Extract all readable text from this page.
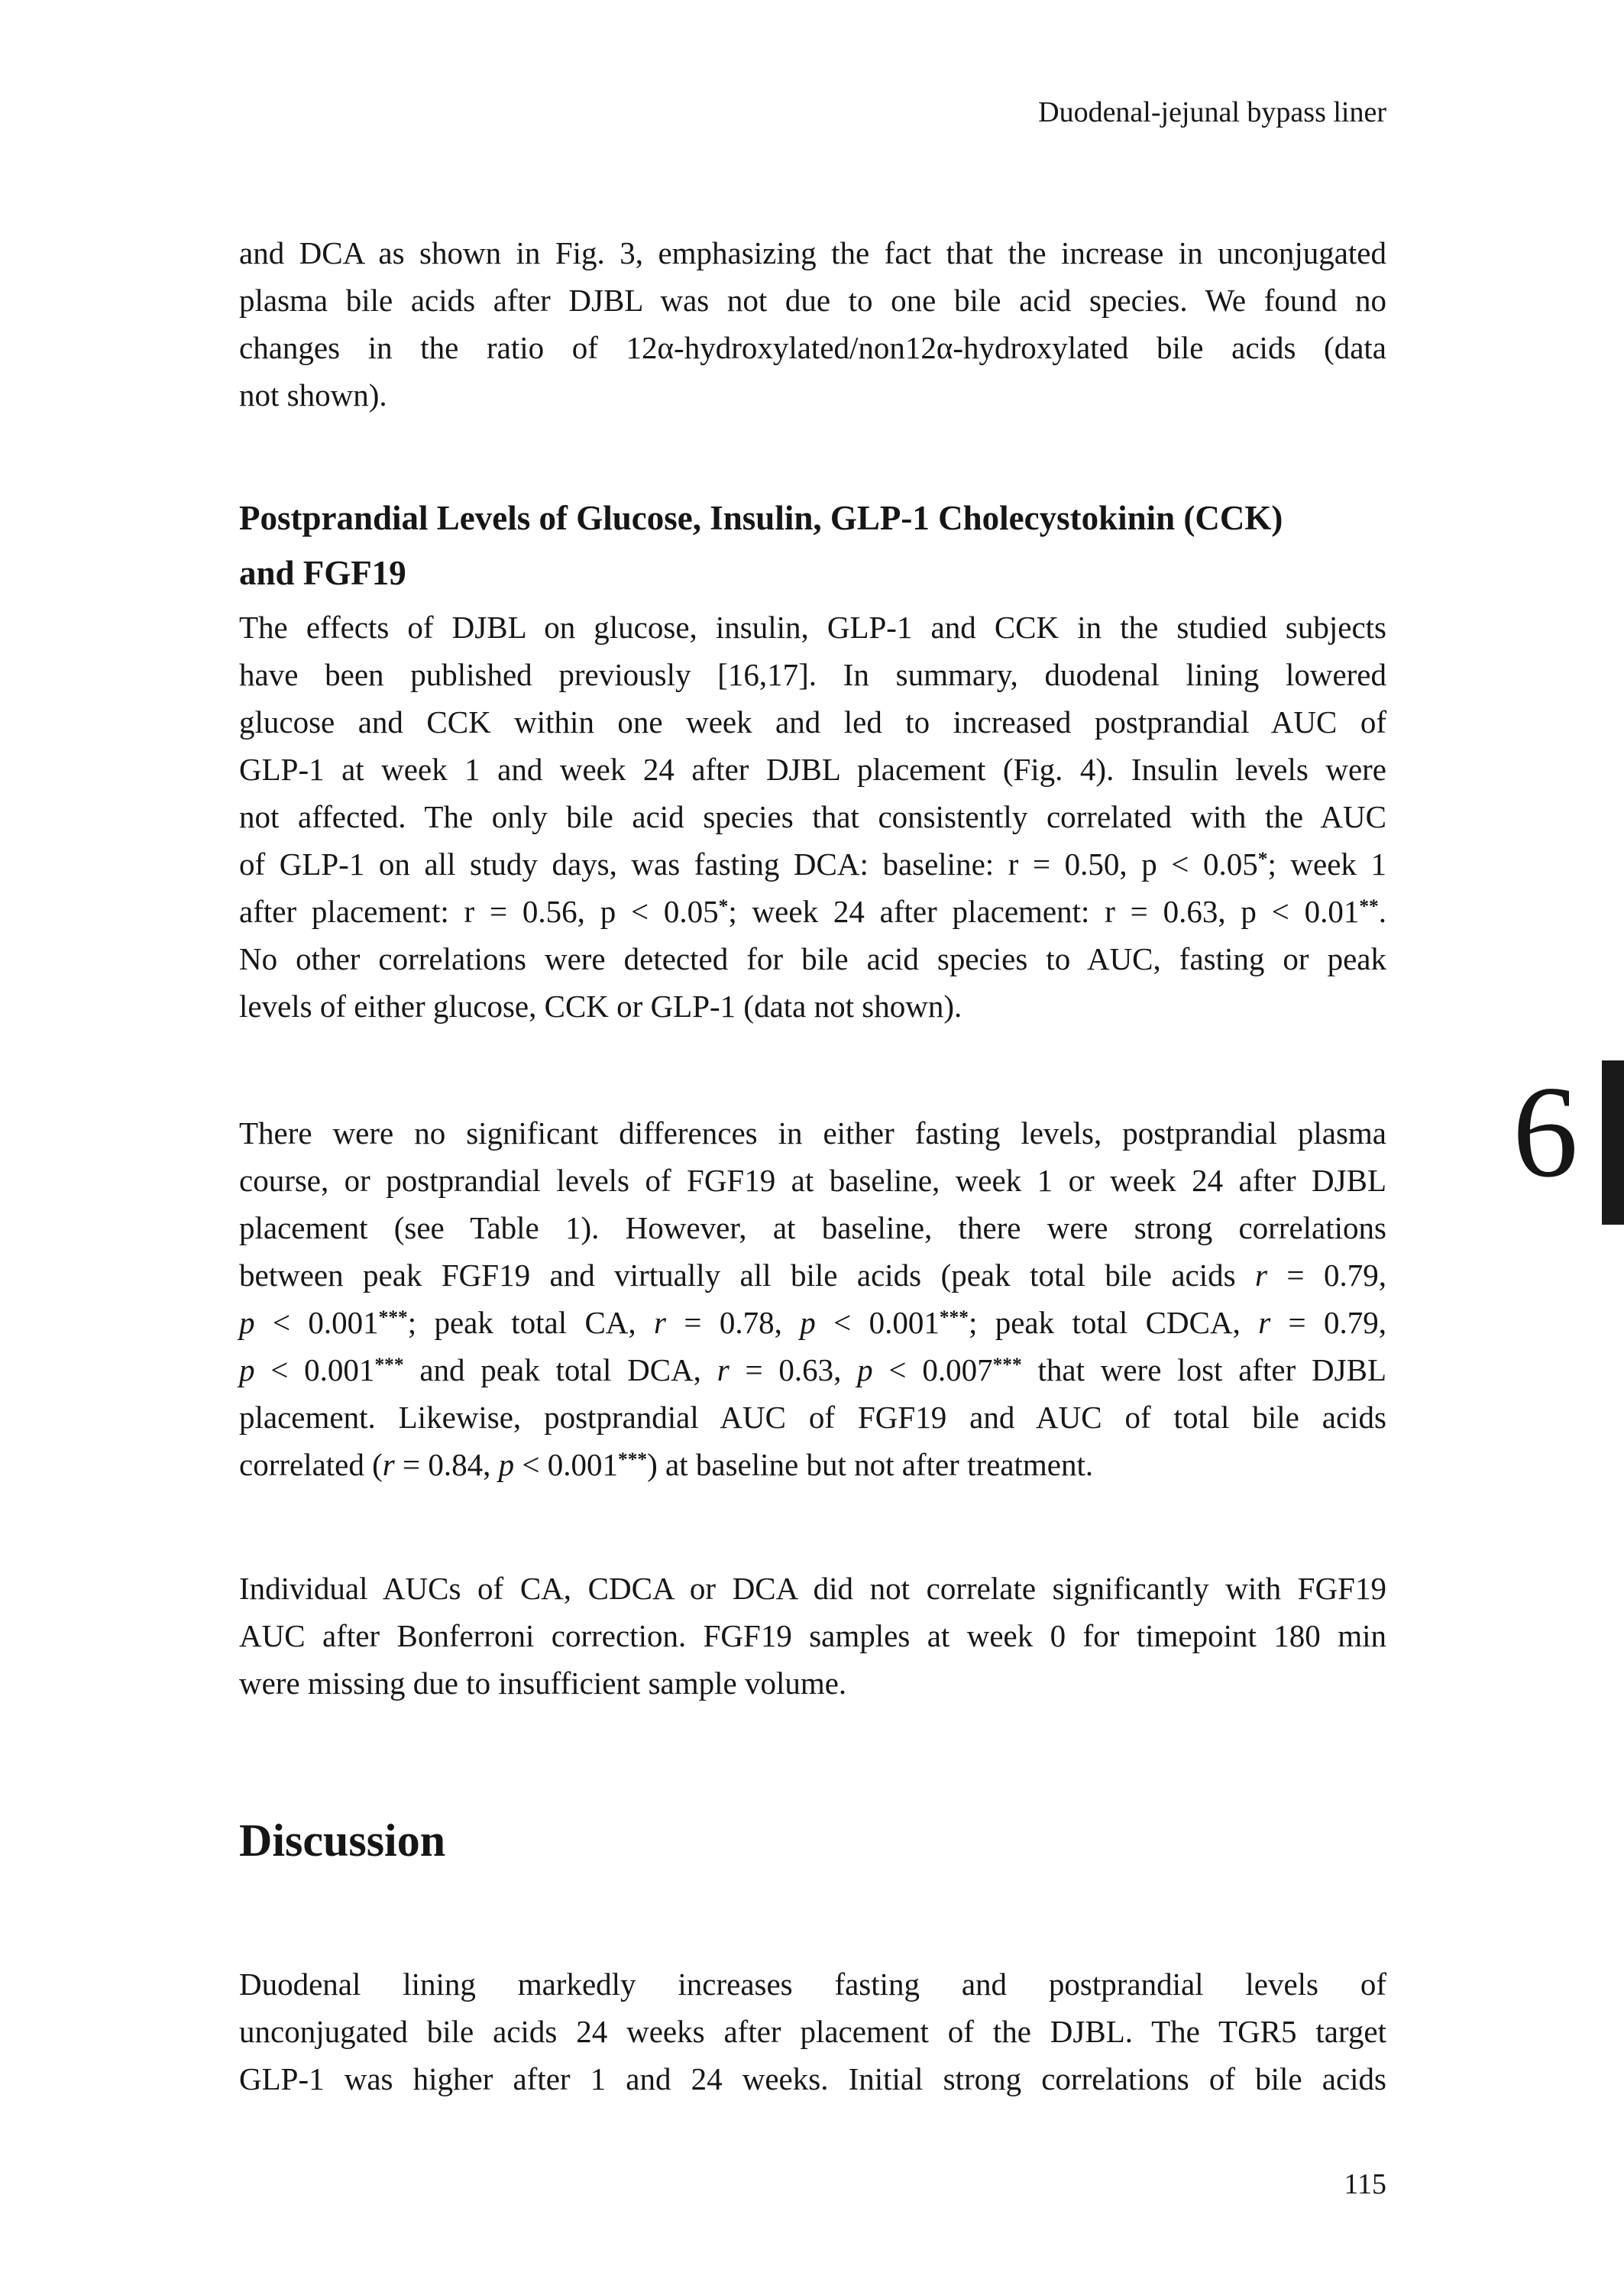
Duodenal-jejunal bypass liner
and DCA as shown in Fig. 3, emphasizing the fact that the increase in unconjugated
plasma bile acids after DJBL was not due to one bile acid species. We found no
changes in the ratio of 12α-hydroxylated/non12α-hydroxylated bile acids (data
not shown).
Postprandial Levels of Glucose, Insulin, GLP-1 Cholecystokinin (CCK)
and FGF19
The effects of DJBL on glucose, insulin, GLP-1 and CCK in the studied subjects
have been published previously [16,17]. In summary, duodenal lining lowered
glucose and CCK within one week and led to increased postprandial AUC of
GLP-1 at week 1 and week 24 after DJBL placement (Fig. 4). Insulin levels were
not affected. The only bile acid species that consistently correlated with the AUC
of GLP-1 on all study days, was fasting DCA: baseline: r = 0.50, p < 0.05*; week 1
after placement: r = 0.56, p < 0.05*; week 24 after placement: r = 0.63, p < 0.01**.
No other correlations were detected for bile acid species to AUC, fasting or peak
levels of either glucose, CCK or GLP-1 (data not shown).
There were no significant differences in either fasting levels, postprandial plasma
course, or postprandial levels of FGF19 at baseline, week 1 or week 24 after DJBL
placement (see Table 1). However, at baseline, there were strong correlations
between peak FGF19 and virtually all bile acids (peak total bile acids r = 0.79,
p < 0.001***; peak total CA, r = 0.78, p < 0.001***; peak total CDCA, r = 0.79,
p < 0.001*** and peak total DCA, r = 0.63, p < 0.007*** that were lost after DJBL
placement. Likewise, postprandial AUC of FGF19 and AUC of total bile acids
correlated (r = 0.84, p < 0.001***) at baseline but not after treatment.
Individual AUCs of CA, CDCA or DCA did not correlate significantly with FGF19
AUC after Bonferroni correction. FGF19 samples at week 0 for timepoint 180 min
were missing due to insufficient sample volume.
Discussion
Duodenal lining markedly increases fasting and postprandial levels of
unconjugated bile acids 24 weeks after placement of the DJBL. The TGR5 target
GLP-1 was higher after 1 and 24 weeks. Initial strong correlations of bile acids
6
115
